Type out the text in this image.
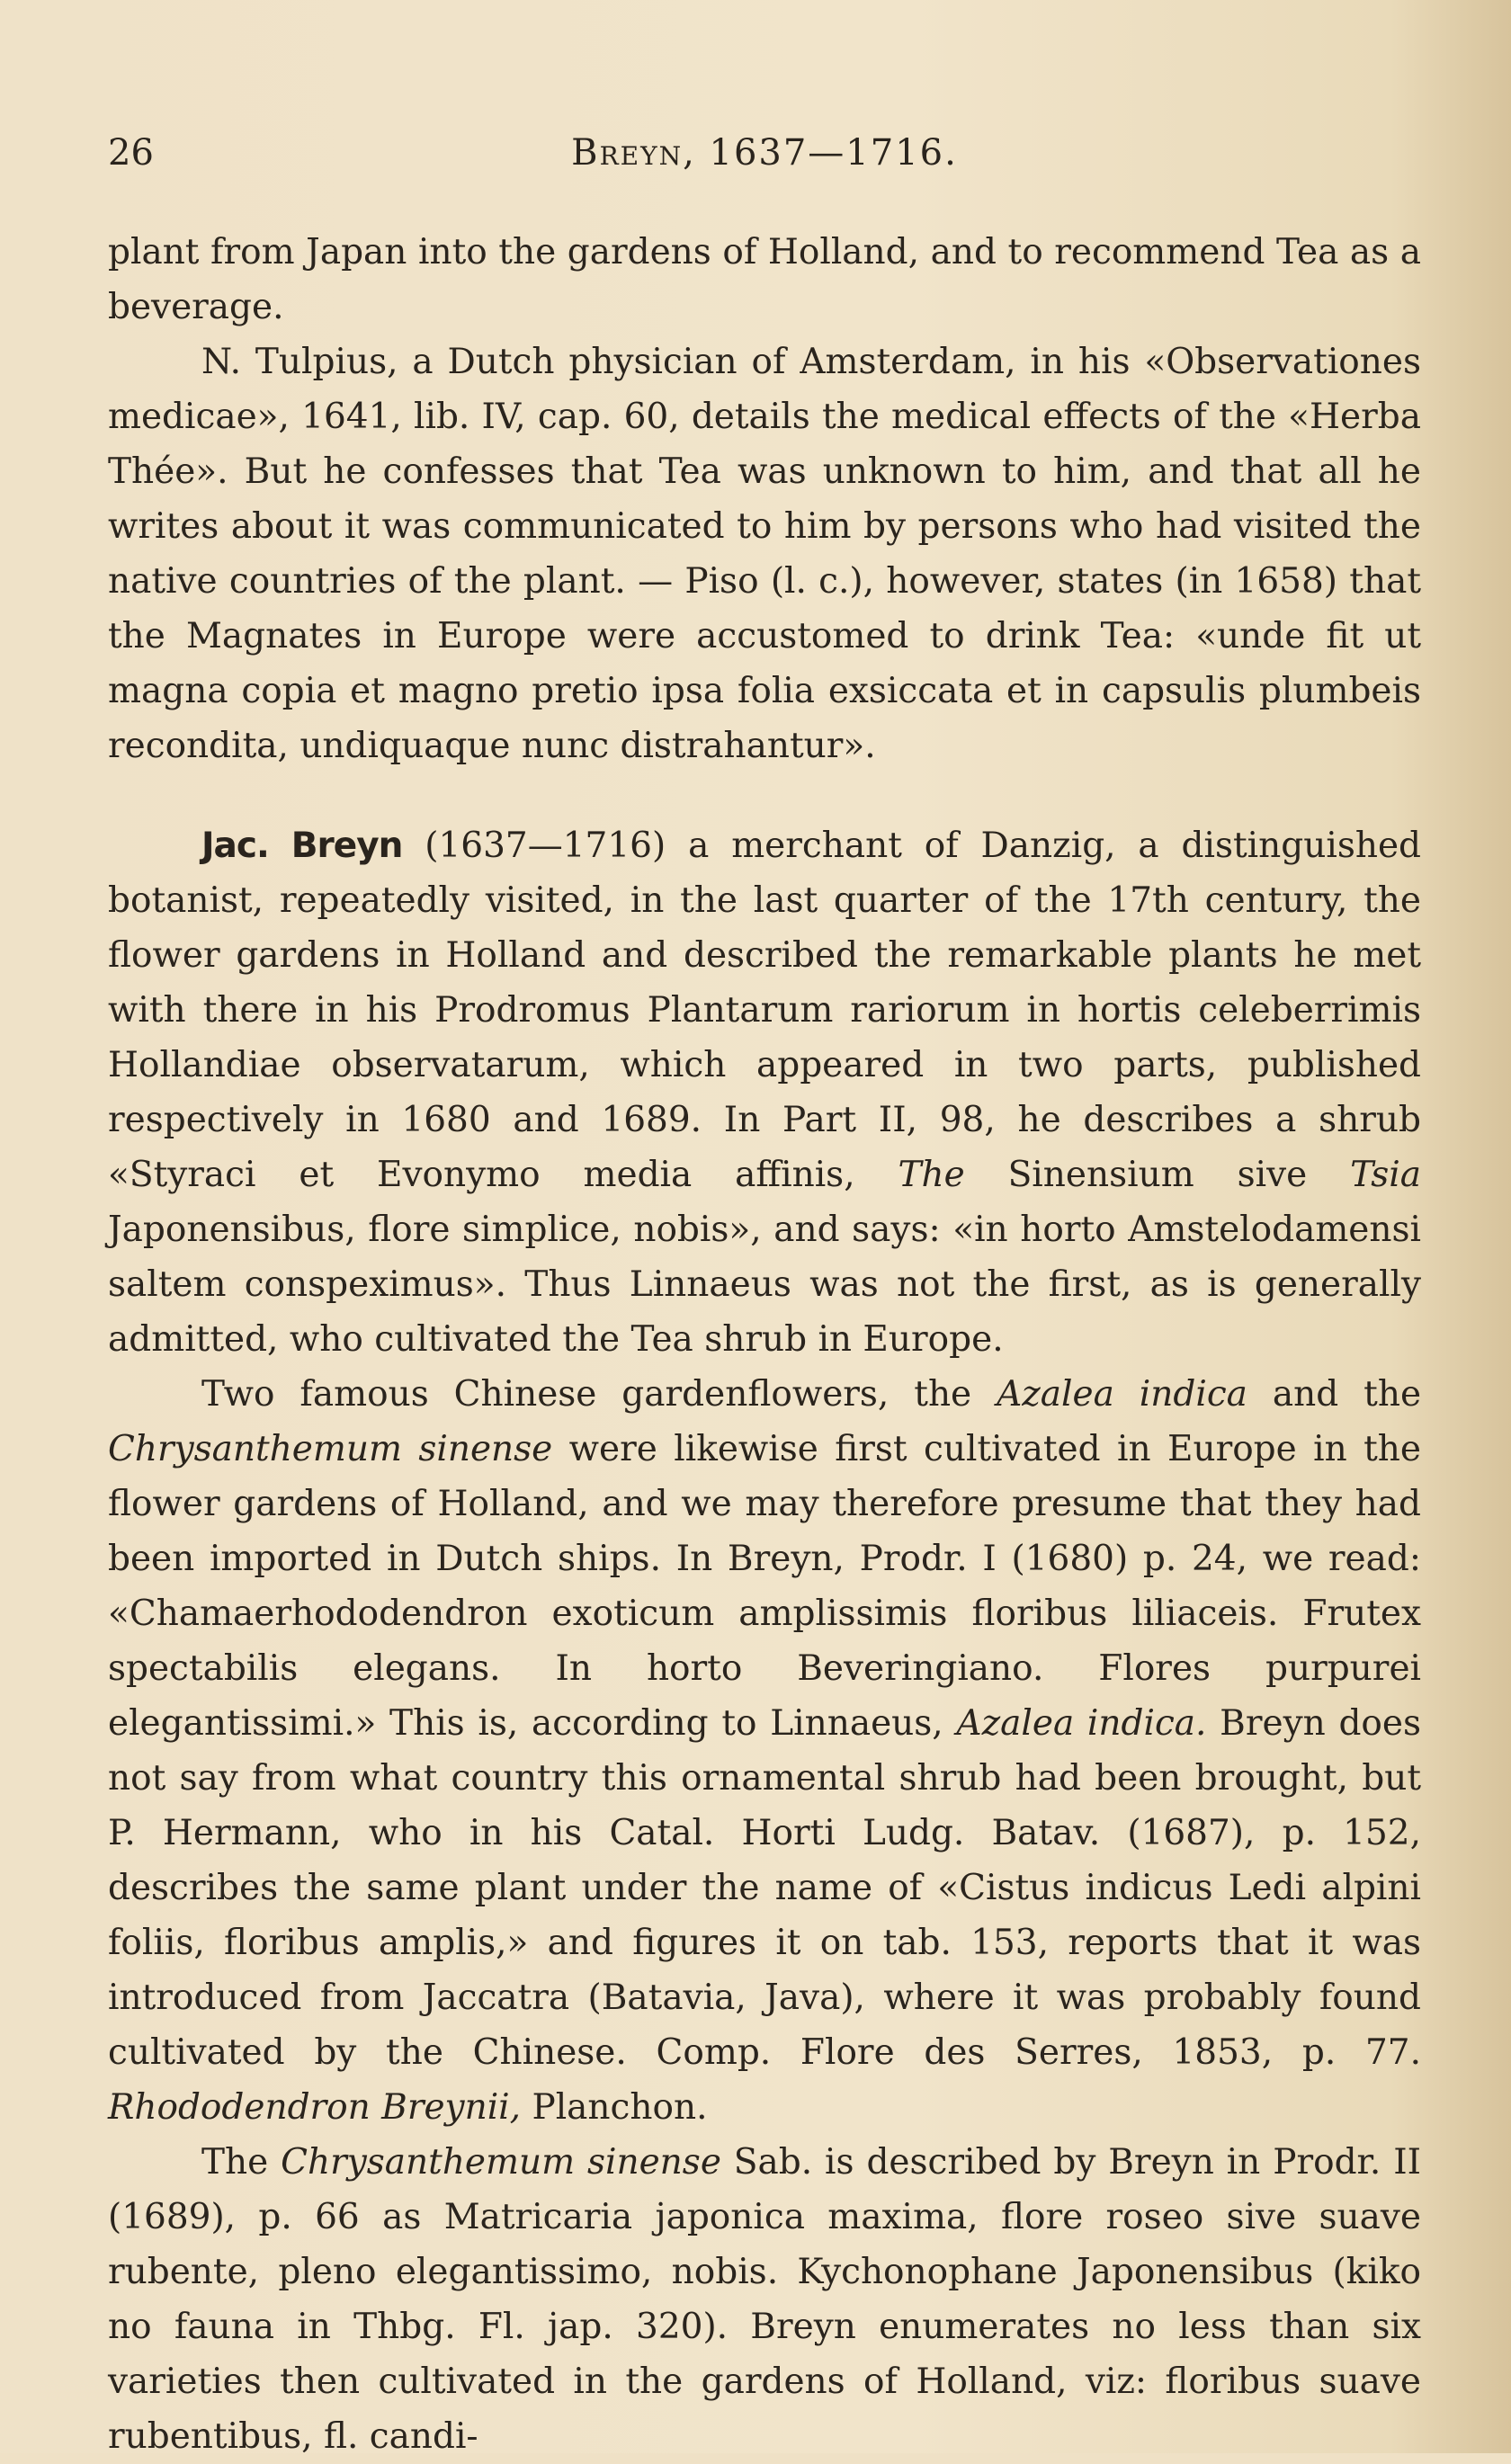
26	Breyn, 1637—1716.

plant from Japan into the gardens of Holland, and to recommend Tea as a beverage.

N. Tulpius, a Dutch physician of Amsterdam, in his «Observationes medicae», 1641, lib. IV, cap. 60, details the medical effects of the «Herba Thée». But he confesses that Tea was unknown to him, and that all he writes about it was communicated to him by persons who had visited the native countries of the plant. — Piso (l. c.), however, states (in 1658) that the Magnates in Europe were accustomed to drink Tea: «unde fit ut magna copia et magno pretio ipsa folia exsiccata et in capsulis plumbeis recondita, undiquaque nunc distrahantur».

Jac. Breyn (1637—1716) a merchant of Danzig, a distinguished botanist, repeatedly visited, in the last quarter of the 17th century, the flower gardens in Holland and described the remarkable plants he met with there in his Prodromus Plantarum rariorum in hortis celeberrimis Hollandiae observatarum, which appeared in two parts, published respectively in 1680 and 1689. In Part II, 98, he describes a shrub «Styraci et Evonymo media affinis, The Sinensium sive Tsia Japonensibus, flore simplice, nobis», and says: «in horto Amstelodamensi saltem conspeximus». Thus Linnaeus was not the first, as is generally admitted, who cultivated the Tea shrub in Europe.

Two famous Chinese gardenflowers, the Azalea indica and the Chrysanthemum sinense were likewise first cultivated in Europe in the flower gardens of Holland, and we may therefore presume that they had been imported in Dutch ships. In Breyn, Prodr. I (1680) p. 24, we read: «Chamaerhododendron exoticum amplissimis floribus liliaceis. Frutex spectabilis elegans. In horto Beveringiano. Flores purpurei elegantissimi.» This is, according to Linnaeus, Azalea indica. Breyn does not say from what country this ornamental shrub had been brought, but P. Hermann, who in his Catal. Horti Ludg. Batav. (1687), p. 152, describes the same plant under the name of «Cistus indicus Ledi alpini foliis, floribus amplis,» and figures it on tab. 153, reports that it was introduced from Jaccatra (Batavia, Java), where it was probably found cultivated by the Chinese. Comp. Flore des Serres, 1853, p. 77. Rhododendron Breynii, Planchon.

The Chrysanthemum sinense Sab. is described by Breyn in Prodr. II (1689), p. 66 as Matricaria japonica maxima, flore roseo sive suave rubente, pleno elegantissimo, nobis. Kychonophane Japonensibus (kiko no fauna in Thbg. Fl. jap. 320). Breyn enumerates no less than six varieties then cultivated in the gardens of Holland, viz: floribus suave rubentibus, fl. candi-
